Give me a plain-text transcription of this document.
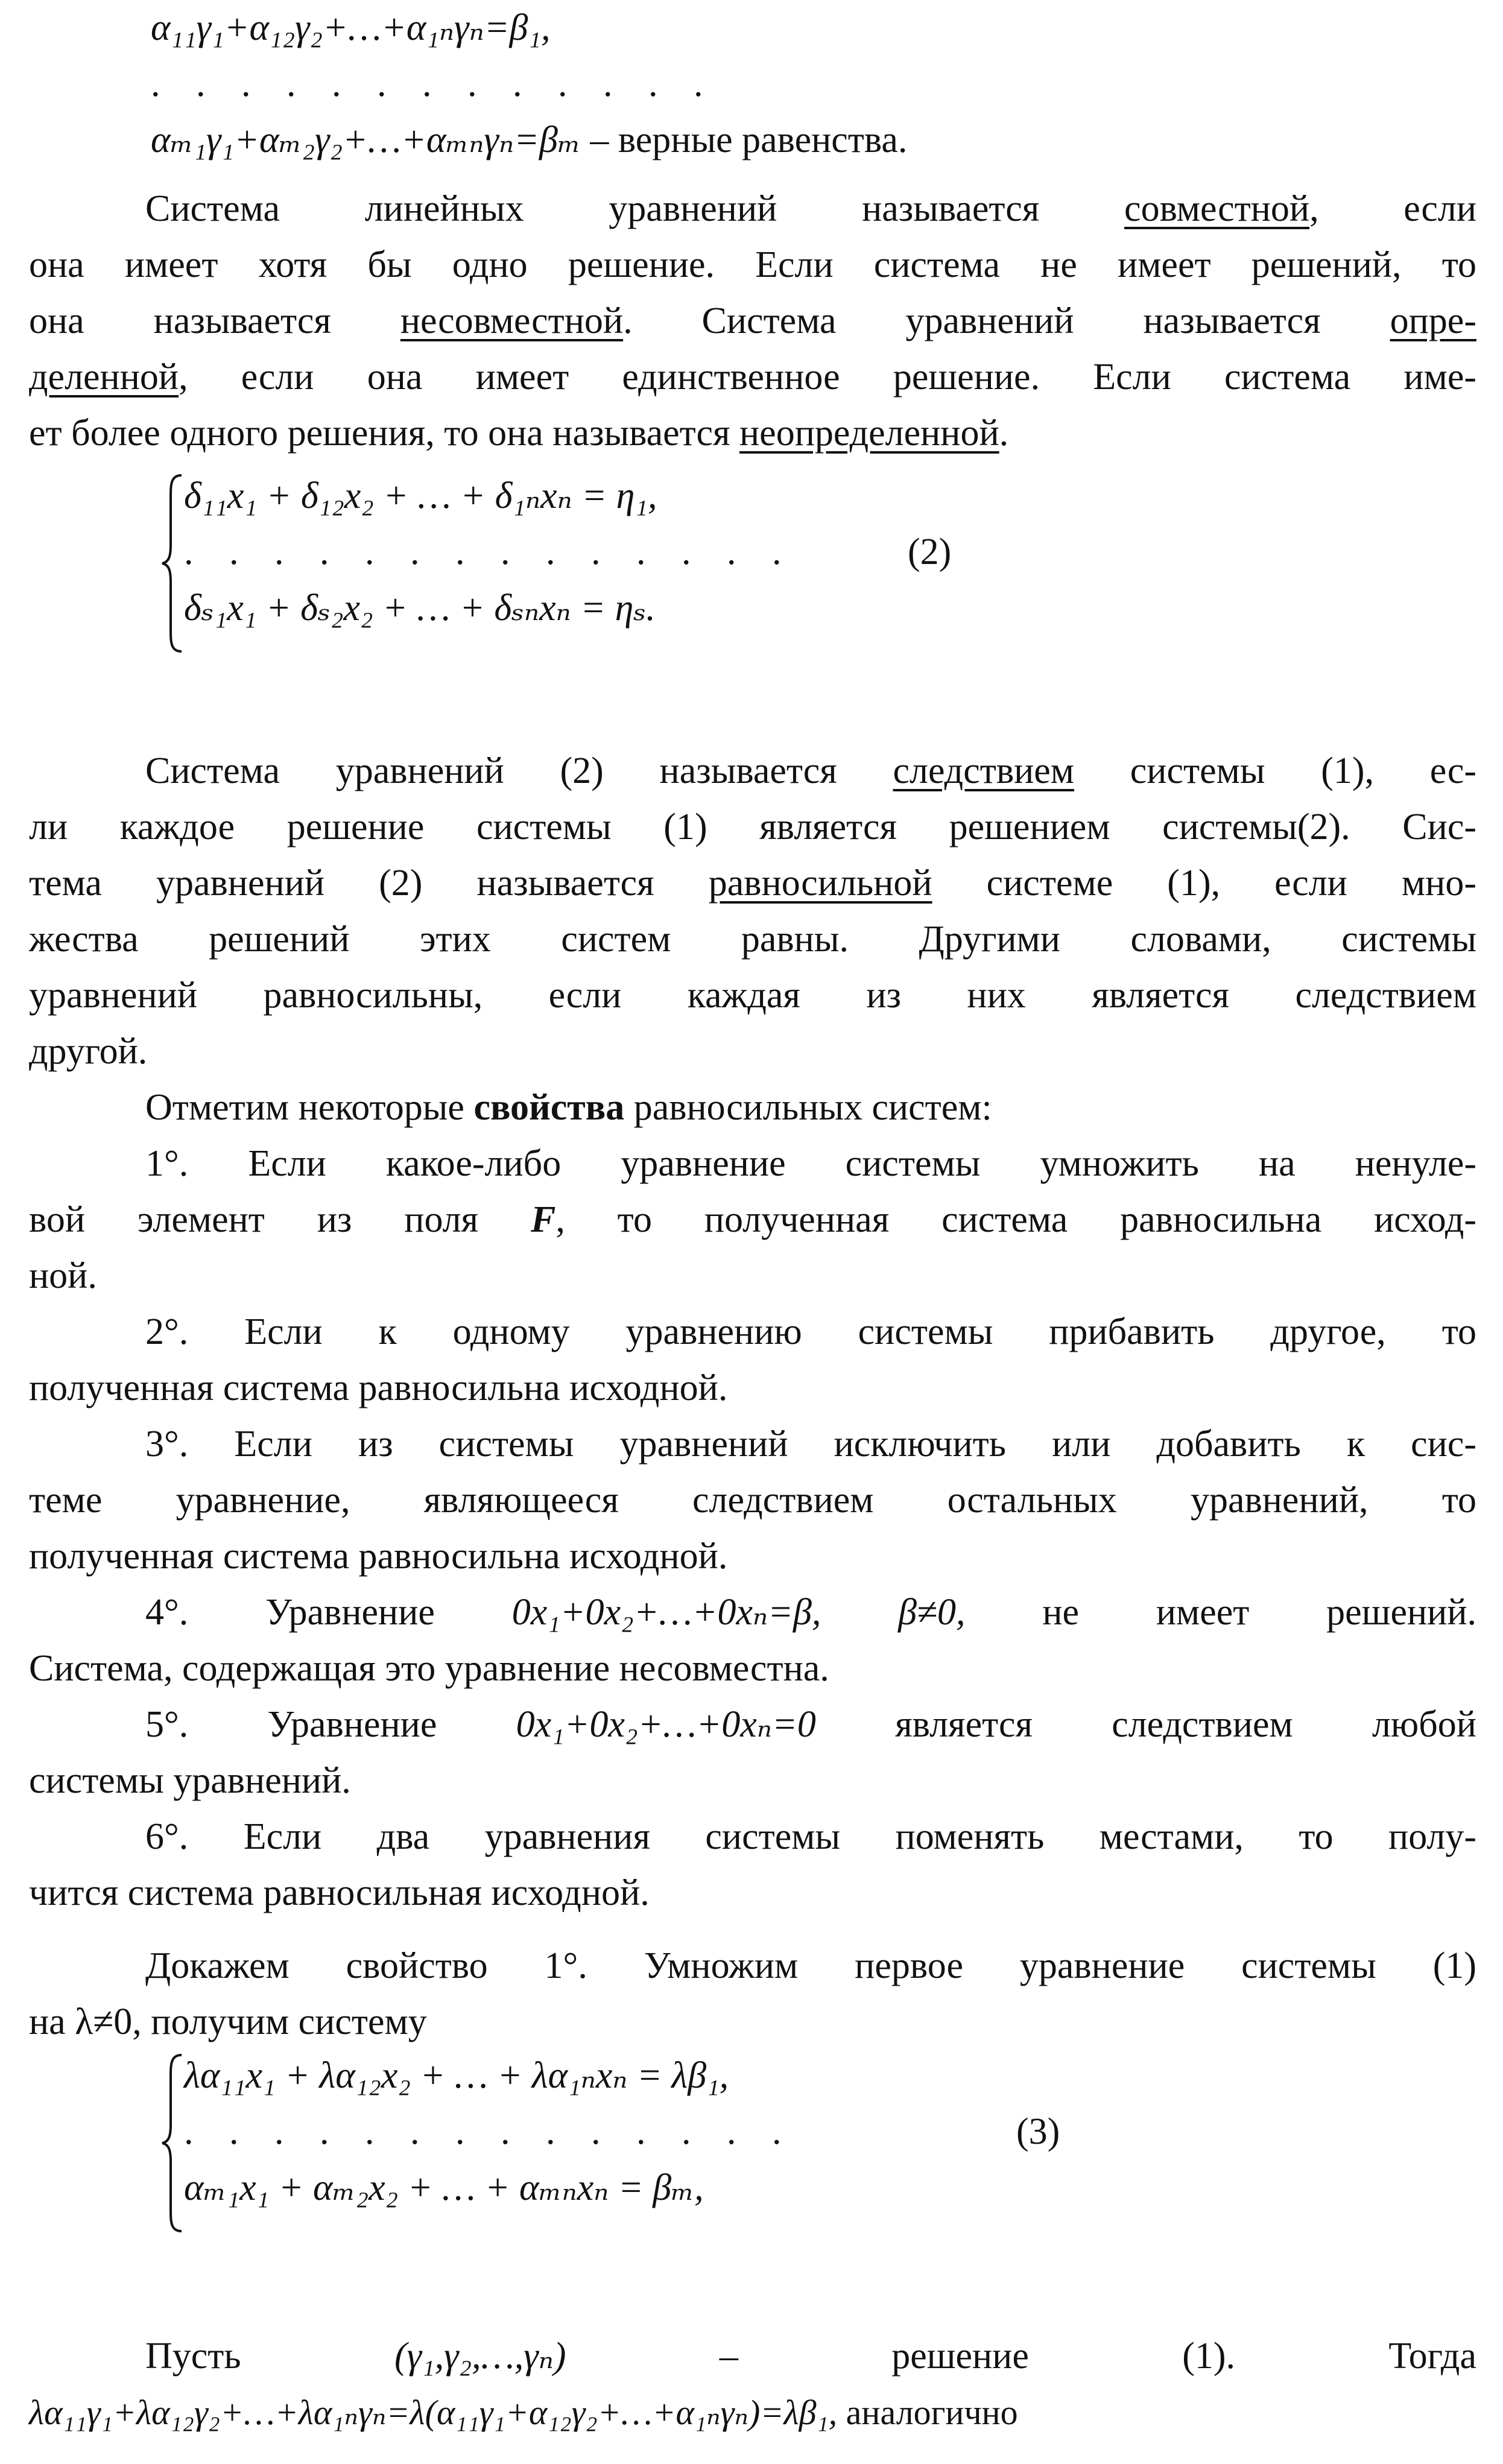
α₁₁γ₁+α₁₂γ₂+…+α₁ₙγₙ=β₁,
. . . . . . . . . . . . .
αₘ₁γ₁+αₘ₂γ₂+…+αₘₙγₙ=βₘ – верные равенства.
Система линейных уравнений называется совместной, если
она имеет хотя бы одно решение. Если система не имеет решений, то
она называется несовместной. Система уравнений называется опре-
деленной, если она имеет единственное решение. Если система име-
ет более одного решения, то она называется неопределенной.
δ₁₁x₁ + δ₁₂x₂ + … + δ₁ₙxₙ = η₁,
. . . . . . . . . . . . . .
δₛ₁x₁ + δₛ₂x₂ + … + δₛₙxₙ = ηₛ.
(2)
Система уравнений (2) называется следствием системы (1), ес-
ли каждое решение системы (1) является решением системы(2). Сис-
тема уравнений (2) называется равносильной системе (1), если мно-
жества решений этих систем равны. Другими словами, системы
уравнений равносильны, если каждая из них является следствием
другой.
Отметим некоторые свойства равносильных систем:
1°. Если какое-либо уравнение системы умножить на ненуле-
вой элемент из поля F, то полученная система равносильна исход-
ной.
2°. Если к одному уравнению системы прибавить другое, то
полученная система равносильна исходной.
3°. Если из системы уравнений исключить или добавить к сис-
теме уравнение, являющееся следствием остальных уравнений, то
полученная система равносильна исходной.
4°. Уравнение 0x₁+0x₂+…+0xₙ=β, β≠0, не имеет решений.
Система, содержащая это уравнение несовместна.
5°. Уравнение 0x₁+0x₂+…+0xₙ=0 является следствием любой
системы уравнений.
6°. Если два уравнения системы поменять местами, то полу-
чится система равносильная исходной.
Докажем свойство 1°. Умножим первое уравнение системы (1)
на λ≠0, получим систему
λα₁₁x₁ + λα₁₂x₂ + … + λα₁ₙxₙ = λβ₁,
. . . . . . . . . . . . . .
αₘ₁x₁ + αₘ₂x₂ + … + αₘₙxₙ = βₘ,
(3)
Пусть	(γ₁,γ₂,…,γₙ)	–	решение	(1).	Тогда
λα₁₁γ₁+λα₁₂γ₂+…+λα₁ₙγₙ=λ(α₁₁γ₁+α₁₂γ₂+…+α₁ₙγₙ)=λβ₁, аналогично
